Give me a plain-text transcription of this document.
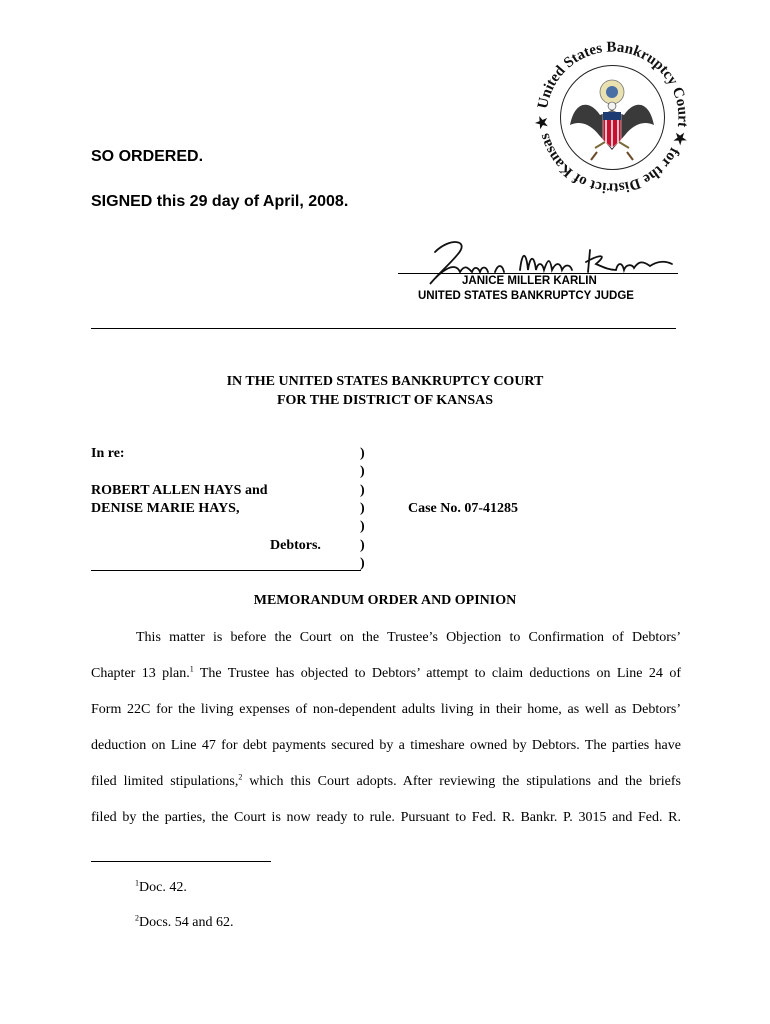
SO ORDERED.
SIGNED this 29 day of April, 2008.
United States Bankruptcy Court ★ for the District of Kansas ★
JANICE MILLER KARLIN
UNITED STATES BANKRUPTCY JUDGE
IN THE UNITED STATES BANKRUPTCY COURT
FOR THE DISTRICT OF KANSAS
In re:
ROBERT ALLEN HAYS and
DENISE MARIE HAYS,
Debtors.
Case No. 07-41285
)
)
)
)
)
)
)
MEMORANDUM ORDER AND OPINION
This matter is before the Court on the Trustee’s Objection to Confirmation of Debtors’
Chapter 13 plan.$^1$ The Trustee has objected to Debtors’ attempt to claim deductions on Line 24 of
Form 22C for the living expenses of non-dependent adults living in their home, as well as Debtors’
deduction on Line 47 for debt payments secured by a timeshare owned by Debtors. The parties have
filed limited stipulations,$^2$ which this Court adopts. After reviewing the stipulations and the briefs
filed by the parties, the Court is now ready to rule. Pursuant to Fed. R. Bankr. P. 3015 and Fed. R.
$^1$Doc. 42.
$^2$Docs. 54 and 62.
